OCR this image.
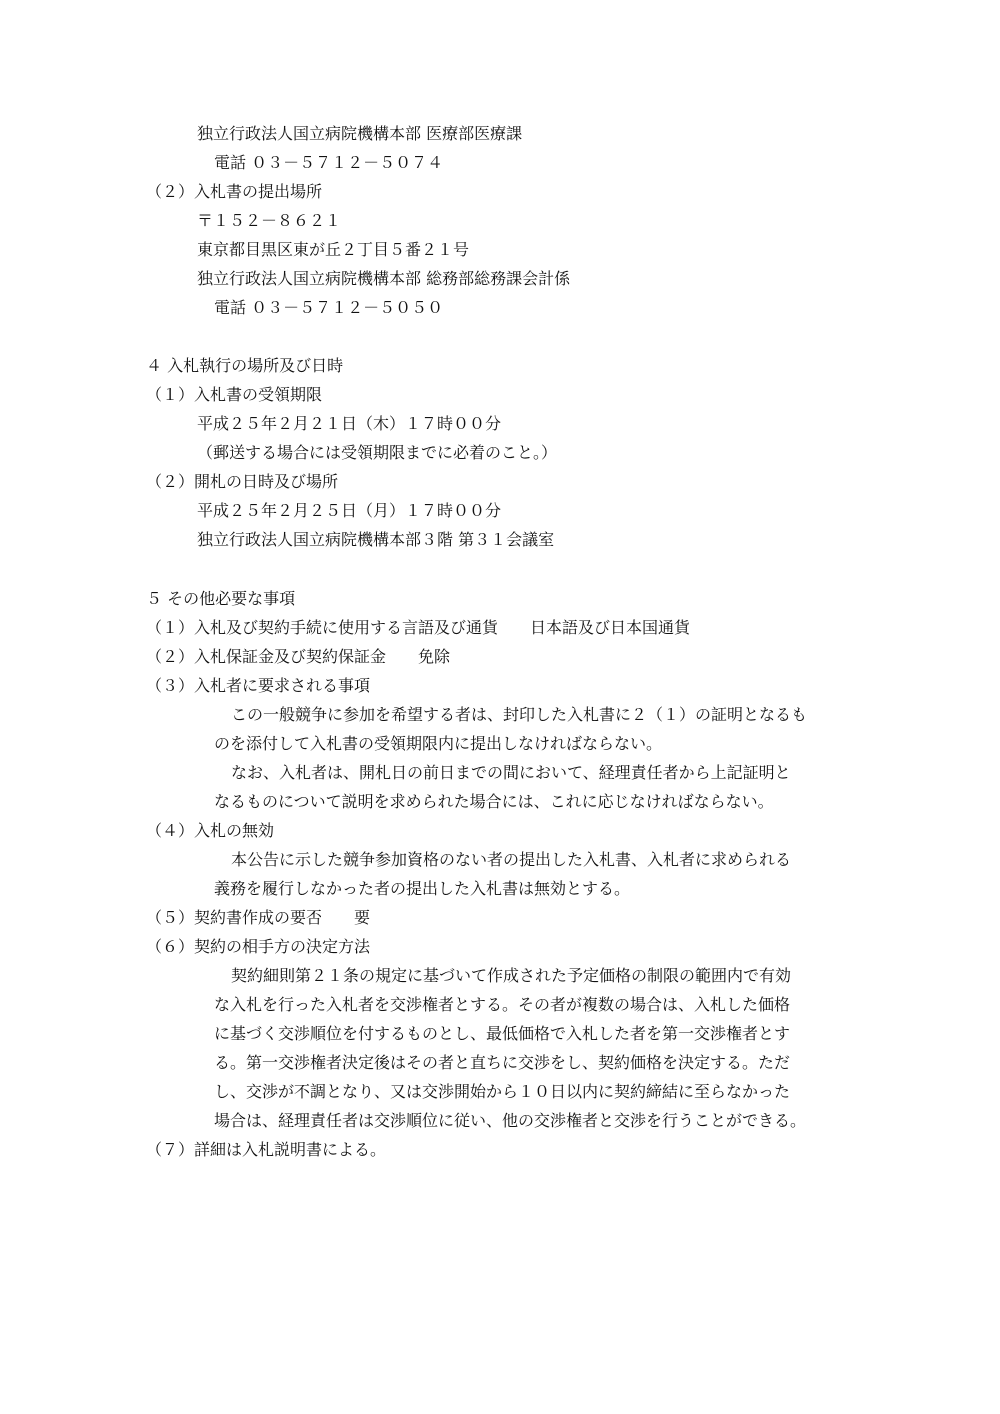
独立行政法人国立病院機構本部 医療部医療課
電話 ０３－５７１２－５０７４
（２）入札書の提出場所
〒１５２－８６２１
東京都目黒区東が丘２丁目５番２１号
独立行政法人国立病院機構本部 総務部総務課会計係
電話 ０３－５７１２－５０５０
４ 入札執行の場所及び日時
（１）入札書の受領期限
平成２５年２月２１日（木）１７時００分
（郵送する場合には受領期限までに必着のこと。）
（２）開札の日時及び場所
平成２５年２月２５日（月）１７時００分
独立行政法人国立病院機構本部３階 第３１会議室
５ その他必要な事項
（１）入札及び契約手続に使用する言語及び通貨　　日本語及び日本国通貨
（２）入札保証金及び契約保証金　　免除
（３）入札者に要求される事項
この一般競争に参加を希望する者は、封印した入札書に２（１）の証明となるも
のを添付して入札書の受領期限内に提出しなければならない。
なお、入札者は、開札日の前日までの間において、経理責任者から上記証明と
なるものについて説明を求められた場合には、これに応じなければならない。
（４）入札の無効
本公告に示した競争参加資格のない者の提出した入札書、入札者に求められる
義務を履行しなかった者の提出した入札書は無効とする。
（５）契約書作成の要否　　要
（６）契約の相手方の決定方法
契約細則第２１条の規定に基づいて作成された予定価格の制限の範囲内で有効
な入札を行った入札者を交渉権者とする。その者が複数の場合は、入札した価格
に基づく交渉順位を付するものとし、最低価格で入札した者を第一交渉権者とす
る。第一交渉権者決定後はその者と直ちに交渉をし、契約価格を決定する。ただ
し、交渉が不調となり、又は交渉開始から１０日以内に契約締結に至らなかった
場合は、経理責任者は交渉順位に従い、他の交渉権者と交渉を行うことができる。
（７）詳細は入札説明書による。
